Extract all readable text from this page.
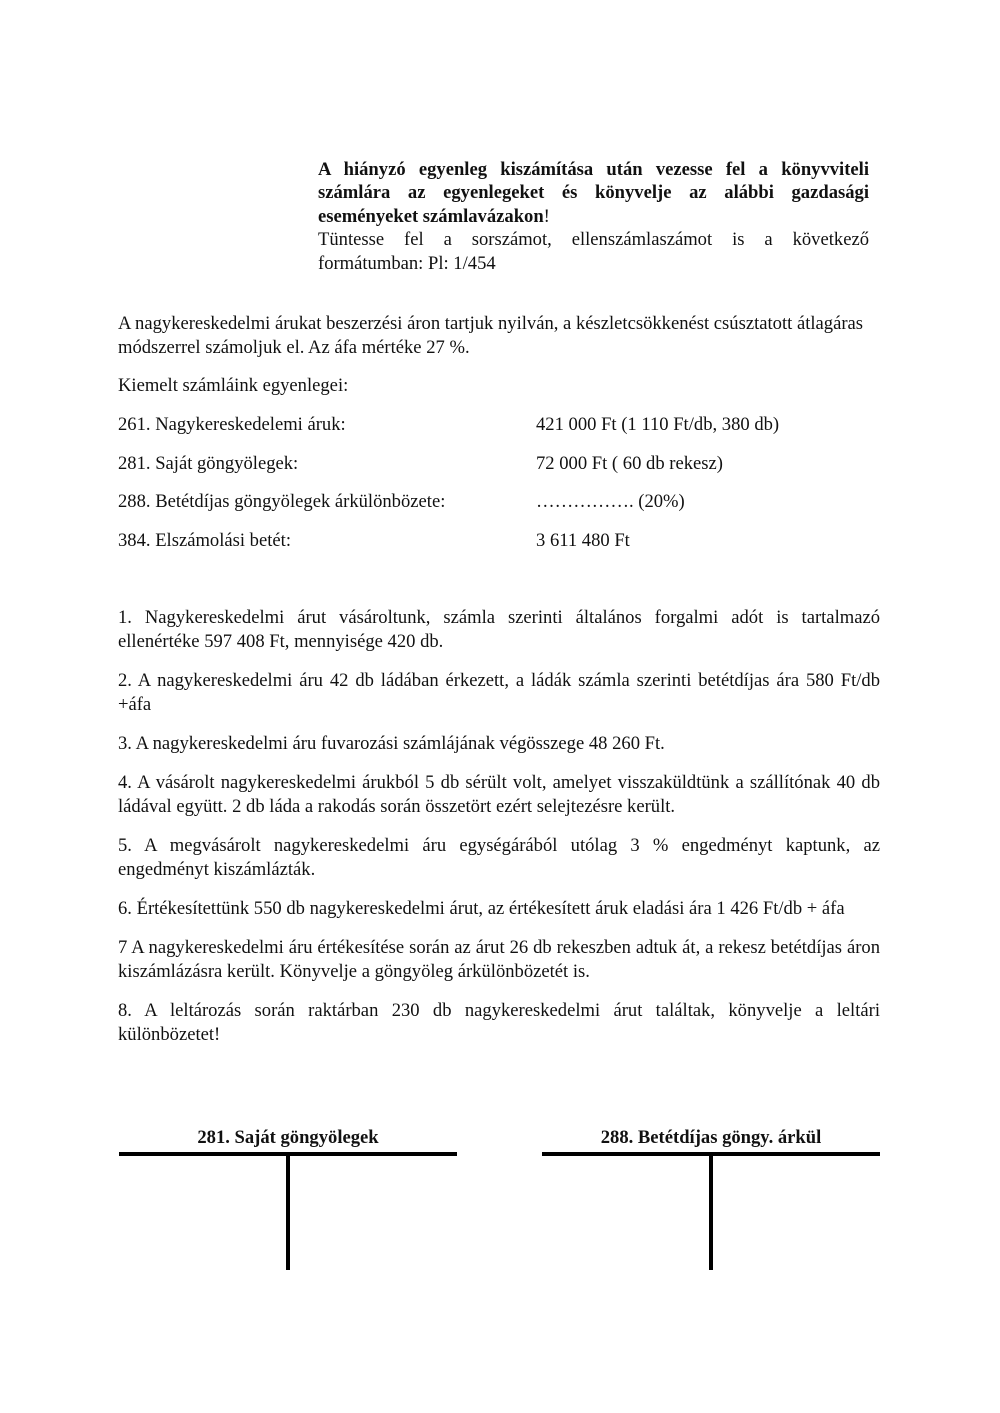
A hiányzó egyenleg kiszámítása után vezesse fel a könyvviteli számlára az egyenlegeket és könyvelje az alábbi gazdasági eseményeket számlavázakon!

Tüntesse fel a sorszámot, ellenszámlaszámot is a következő formátumban: Pl: 1/454

A nagykereskedelmi árukat beszerzési áron tartjuk nyilván, a készletcsökkenést csúsztatott átlagáras módszerrel számoljuk el. Az áfa mértéke 27 %.

Kiemelt számláink egyenlegei:

261. Nagykereskedelemi áruk:	421 000 Ft (1 110 Ft/db, 380 db)
281. Saját göngyölegek:	72 000 Ft ( 60 db rekesz)
288. Betétdíjas göngyölegek árkülönbözete:	……………. (20%)
384. Elszámolási betét:	3 611 480 Ft

1. Nagykereskedelmi árut vásároltunk, számla szerinti általános forgalmi adót is tartalmazó ellenértéke 597 408 Ft, mennyisége 420 db.

2. A nagykereskedelmi áru 42 db ládában érkezett, a ládák számla szerinti betétdíjas ára 580 Ft/db +áfa

3. A nagykereskedelmi áru fuvarozási számlájának végösszege 48 260 Ft.

4. A vásárolt nagykereskedelmi árukból 5 db sérült volt, amelyet visszaküldtünk a szállítónak 40 db ládával együtt. 2 db láda a rakodás során összetört ezért selejtezésre került.

5. A megvásárolt nagykereskedelmi áru egységárából utólag 3 % engedményt kaptunk, az engedményt kiszámlázták.

6. Értékesítettünk 550 db nagykereskedelmi árut, az értékesített áruk eladási ára 1 426 Ft/db + áfa

7 A nagykereskedelmi áru értékesítése során az árut 26 db rekeszben adtuk át, a rekesz betétdíjas áron kiszámlázásra került. Könyvelje a göngyöleg árkülönbözetét is.

8. A leltározás során raktárban 230 db nagykereskedelmi árut találtak, könyvelje a leltári különbözetet!

281. Saját göngyölegek	288. Betétdíjas göngy. árkül
